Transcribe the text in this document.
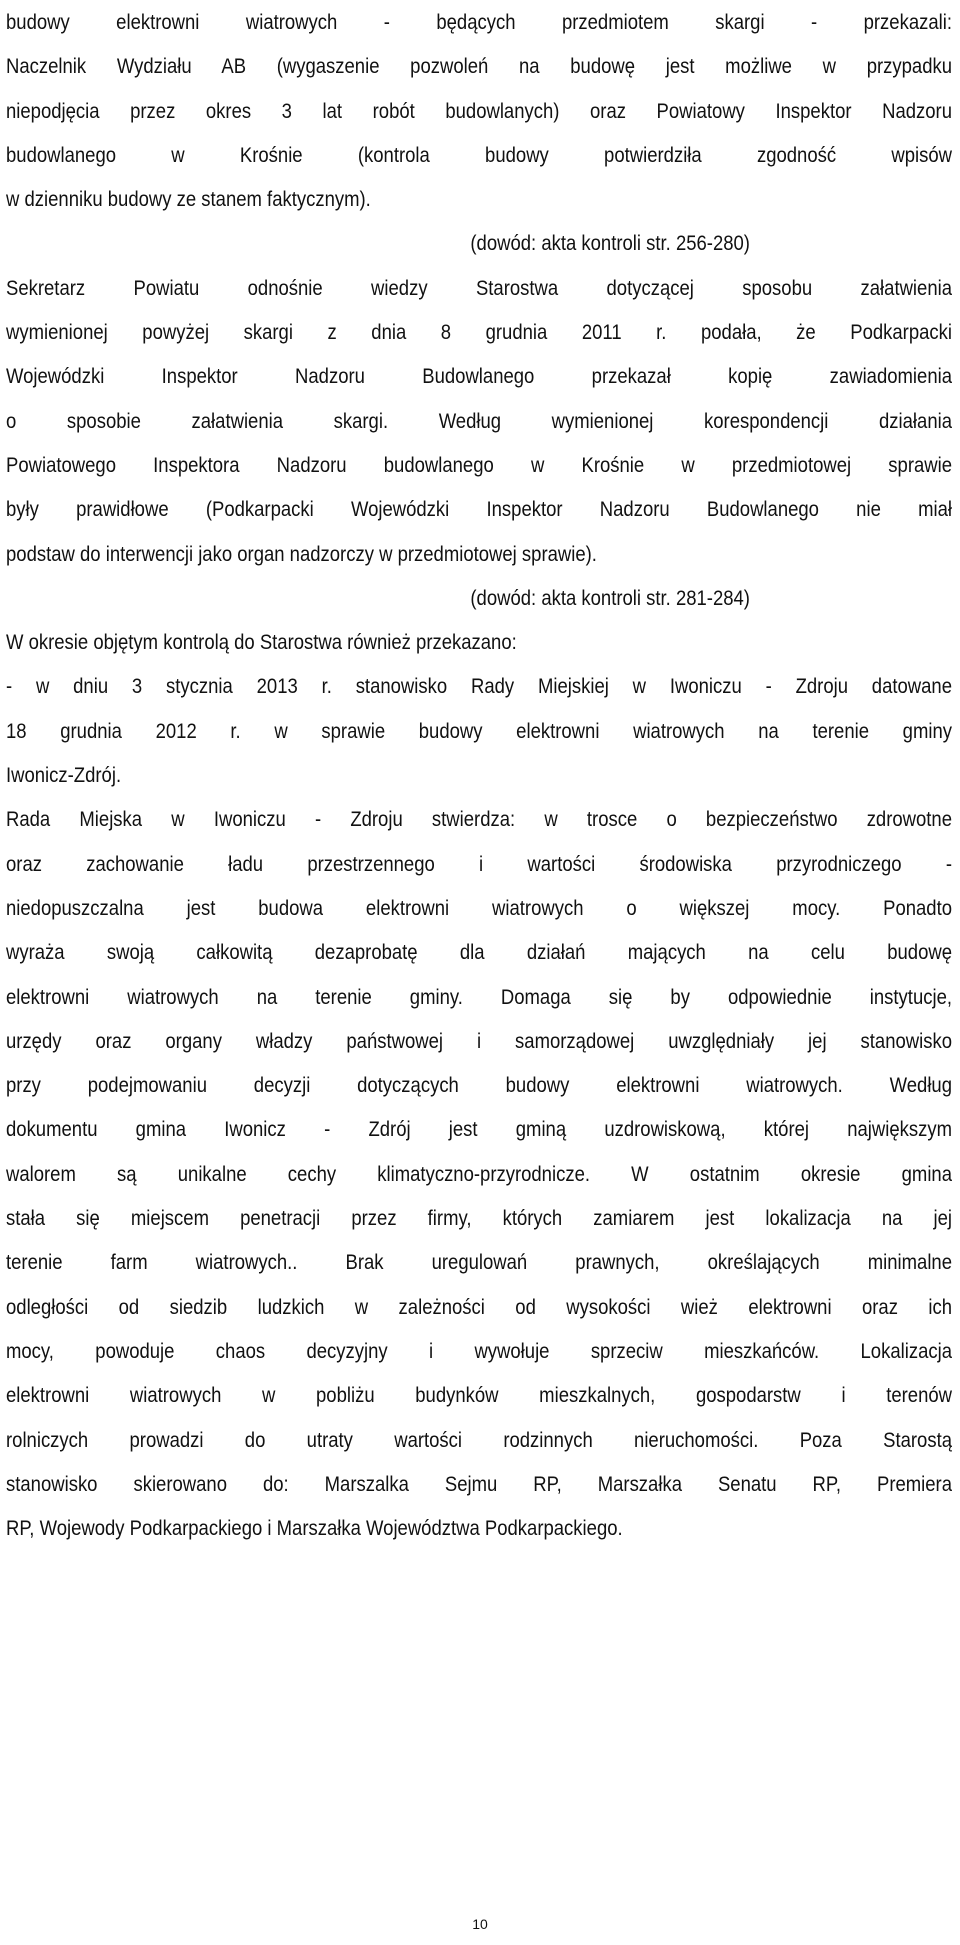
budowy elektrowni wiatrowych - będących przedmiotem skargi - przekazali:
Naczelnik Wydziału AB (wygaszenie pozwoleń na budowę jest możliwe w przypadku
niepodjęcia przez okres 3 lat robót budowlanych) oraz Powiatowy Inspektor Nadzoru
budowlanego w Krośnie (kontrola budowy potwierdziła zgodność wpisów
w dzienniku budowy ze stanem faktycznym).
(dowód: akta kontroli str. 256-280)
Sekretarz Powiatu odnośnie wiedzy Starostwa dotyczącej sposobu załatwienia
wymienionej powyżej skargi z dnia 8 grudnia 2011 r. podała, że Podkarpacki
Wojewódzki Inspektor Nadzoru Budowlanego przekazał kopię zawiadomienia
o sposobie załatwienia skargi. Według wymienionej korespondencji działania
Powiatowego Inspektora Nadzoru budowlanego w Krośnie w przedmiotowej sprawie
były prawidłowe (Podkarpacki Wojewódzki Inspektor Nadzoru Budowlanego nie miał
podstaw do interwencji jako organ nadzorczy w przedmiotowej sprawie).
(dowód: akta kontroli str. 281-284)
W okresie objętym kontrolą do Starostwa również przekazano:
- w dniu 3 stycznia 2013 r. stanowisko Rady Miejskiej w Iwoniczu - Zdroju datowane
18 grudnia 2012 r. w sprawie budowy elektrowni wiatrowych na terenie gminy
Iwonicz-Zdrój.
Rada Miejska w Iwoniczu - Zdroju stwierdza: w trosce o bezpieczeństwo zdrowotne
oraz zachowanie ładu przestrzennego i wartości środowiska przyrodniczego -
niedopuszczalna jest budowa elektrowni wiatrowych o większej mocy. Ponadto
wyraża swoją całkowitą dezaprobatę dla działań mających na celu budowę
elektrowni wiatrowych na terenie gminy. Domaga się by odpowiednie instytucje,
urzędy oraz organy władzy państwowej i samorządowej uwzględniały jej stanowisko
przy podejmowaniu decyzji dotyczących budowy elektrowni wiatrowych. Według
dokumentu gmina Iwonicz - Zdrój jest gminą uzdrowiskową, której największym
walorem są unikalne cechy klimatyczno-przyrodnicze. W ostatnim okresie gmina
stała się miejscem penetracji przez firmy, których zamiarem jest lokalizacja na jej
terenie farm wiatrowych.. Brak uregulowań prawnych, określających minimalne
odległości od siedzib ludzkich w zależności od wysokości wież elektrowni oraz ich
mocy, powoduje chaos decyzyjny i wywołuje sprzeciw mieszkańców. Lokalizacja
elektrowni wiatrowych w pobliżu budynków mieszkalnych, gospodarstw i terenów
rolniczych prowadzi do utraty wartości rodzinnych nieruchomości. Poza Starostą
stanowisko skierowano do: Marszalka Sejmu RP, Marszałka Senatu RP, Premiera
RP, Wojewody Podkarpackiego i Marszałka Województwa Podkarpackiego.
10
